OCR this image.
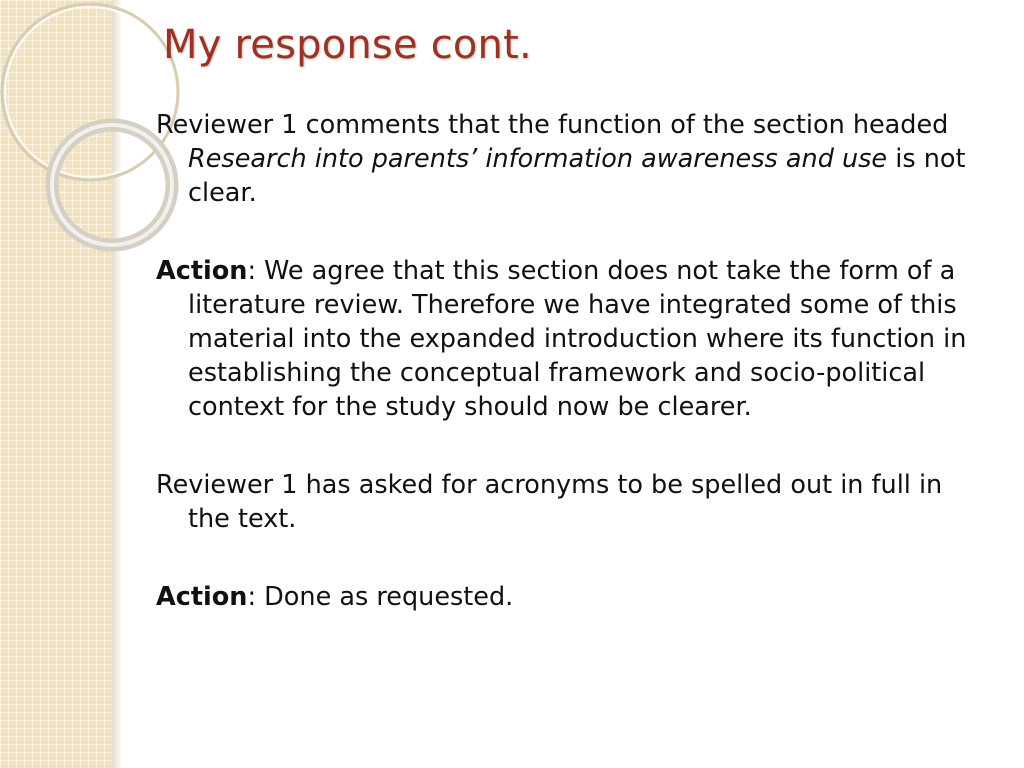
My response cont.

Reviewer 1 comments that the function of the section headed Research into parents’ information awareness and use is not clear.

Action: We agree that this section does not take the form of a literature review. Therefore we have integrated some of this material into the expanded introduction where its function in establishing the conceptual framework and socio-political context for the study should now be clearer.

Reviewer 1 has asked for acronyms to be spelled out in full in the text.

Action: Done as requested.
